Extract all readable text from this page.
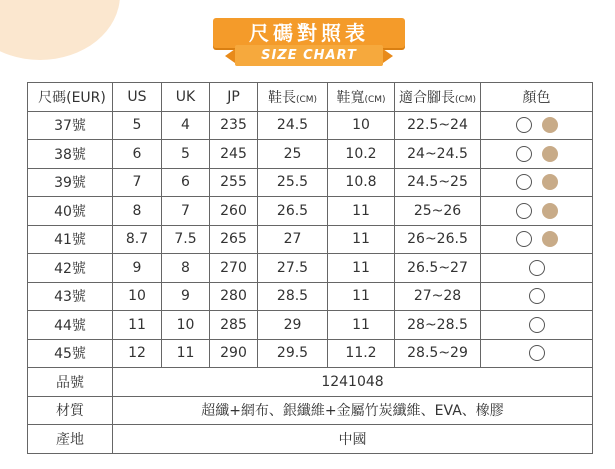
尺碼對照表
SIZE CHART
尺碼(EUR)	US	UK	JP	鞋長(CM)	鞋寬(CM)	適合腳長(CM)	顏色
37號	5	4	235	24.5	10	22.5~24	
38號	6	5	245	25	10.2	24~24.5	
39號	7	6	255	25.5	10.8	24.5~25	
40號	8	7	260	26.5	11	25~26	
41號	8.7	7.5	265	27	11	26~26.5	
42號	9	8	270	27.5	11	26.5~27	
43號	10	9	280	28.5	11	27~28	
44號	11	10	285	29	11	28~28.5	
45號	12	11	290	29.5	11.2	28.5~29	
品號	1241048						
材質	超纖+網布、銀纖維+金屬竹炭纖維、EVA、橡膠						
產地	中國						
